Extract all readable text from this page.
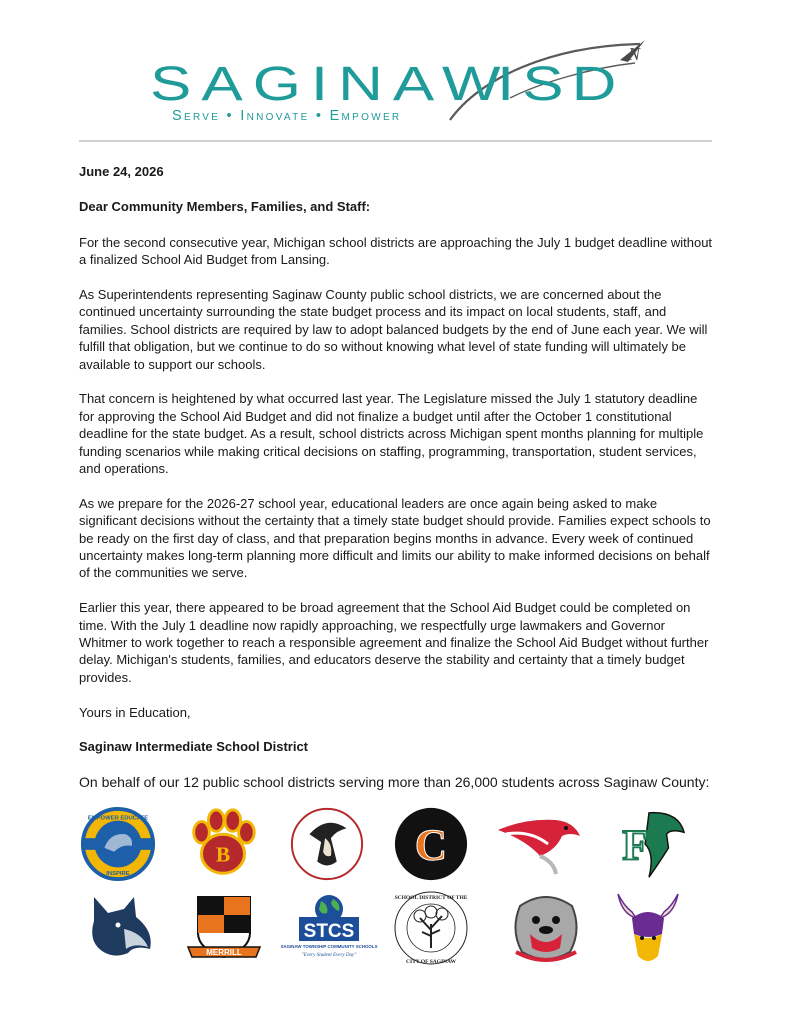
N
SAGINAW
ISD
Serve • Innovate • Empower

June 24, 2026

Dear Community Members, Families, and Staff:

For the second consecutive year, Michigan school districts are approaching the July 1 budget deadline without a finalized School Aid Budget from Lansing.

As Superintendents representing Saginaw County public school districts, we are concerned about the continued uncertainty surrounding the state budget process and its impact on local students, staff, and families. School districts are required by law to adopt balanced budgets by the end of June each year. We will fulfill that obligation, but we continue to do so without knowing what level of state funding will ultimately be available to support our schools.

That concern is heightened by what occurred last year. The Legislature missed the July 1 statutory deadline for approving the School Aid Budget and did not finalize a budget until after the October 1 constitutional deadline for the state budget. As a result, school districts across Michigan spent months planning for multiple funding scenarios while making critical decisions on staffing, programming, transportation, student services, and operations.

As we prepare for the 2026-27 school year, educational leaders are once again being asked to make significant decisions without the certainty that a timely state budget should provide. Families expect schools to be ready on the first day of class, and that preparation begins months in advance. Every week of continued uncertainty makes long-term planning more difficult and limits our ability to make informed decisions on behalf of the communities we serve.

Earlier this year, there appeared to be broad agreement that the School Aid Budget could be completed on time. With the July 1 deadline now rapidly approaching, we respectfully urge lawmakers and Governor Whitmer to work together to reach a responsible agreement and finalize the School Aid Budget without further delay. Michigan's students, families, and educators deserve the stability and certainty that a timely budget provides.

Yours in Education,

Saginaw Intermediate School District

On behalf of our 12 public school districts serving more than 26,000 students across Saginaw County:

EMPOWER EDUCATE
INSPIRE
B	C	F
MERRILL
STCS
SAGINAW TOWNSHIP COMMUNITY SCHOOLS
"Every Student Every Day"
SCHOOL DISTRICT OF THE
CITY OF SAGINAW
